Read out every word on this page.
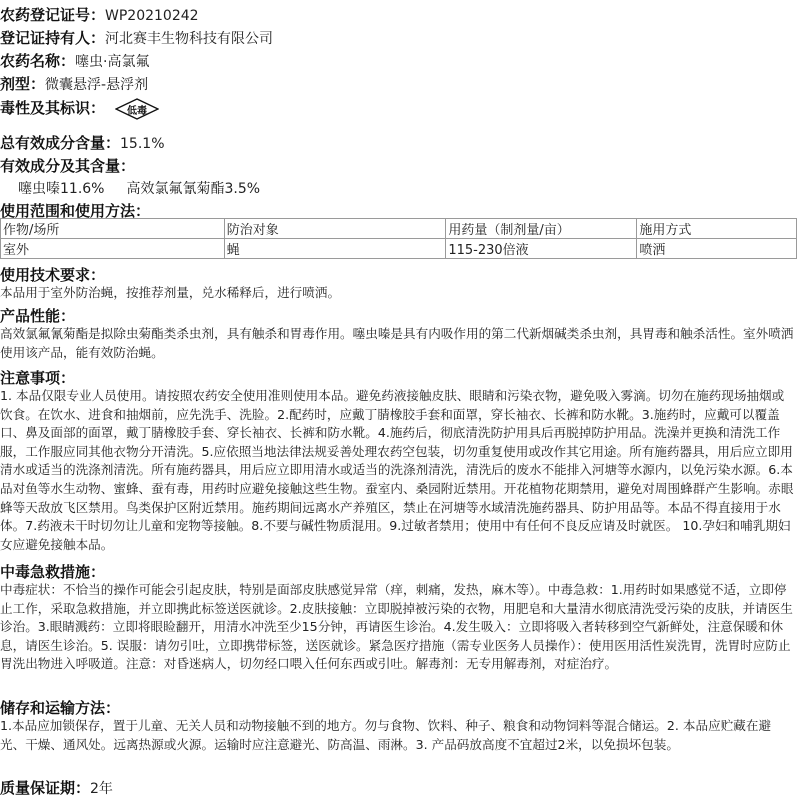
农药登记证号：WP20210242
登记证持有人：河北赛丰生物科技有限公司
农药名称：噻虫·高氯氟
剂型：微囊悬浮-悬浮剂
毒性及其标识：	低毒
总有效成分含量：15.1%
有效成分及其含量：
噻虫嗪11.6% 高效氯氟氰菊酯3.5%
使用范围和使用方法：
作物/场所	防治对象	用药量（制剂量/亩）	施用方式
室外	蝇	115-230倍液	喷洒
使用技术要求：
本品用于室外防治蝇，按推荐剂量，兑水稀释后，进行喷洒。
产品性能：
高效氯氟氰菊酯是拟除虫菊酯类杀虫剂，具有触杀和胃毒作用。噻虫嗪是具有内吸作用的第二代新烟碱类杀虫剂，具胃毒和触杀活性。室外喷洒使用该产品，能有效防治蝇。
注意事项：
1. 本品仅限专业人员使用。请按照农药安全使用准则使用本品。避免药液接触皮肤、眼睛和污染衣物，避免吸入雾滴。切勿在施药现场抽烟或饮食。在饮水、进食和抽烟前，应先洗手、洗脸。2.配药时，应戴丁腈橡胶手套和面罩，穿长袖衣、长裤和防水靴。3.施药时，应戴可以覆盖口、鼻及面部的面罩，戴丁腈橡胶手套、穿长袖衣、长裤和防水靴。4.施药后，彻底清洗防护用具后再脱掉防护用品。洗澡并更换和清洗工作服，工作服应同其他衣物分开清洗。5.应依照当地法律法规妥善处理农药空包装，切勿重复使用或改作其它用途。所有施药器具，用后应立即用清水或适当的洗涤剂清洗。所有施药器具，用后应立即用清水或适当的洗涤剂清洗，清洗后的废水不能排入河塘等水源内，以免污染水源。6.本品对鱼等水生动物、蜜蜂、蚕有毒，用药时应避免接触这些生物。蚕室内、桑园附近禁用。开花植物花期禁用，避免对周围蜂群产生影响。赤眼蜂等天敌放飞区禁用。鸟类保护区附近禁用。施药期间远离水产养殖区，禁止在河塘等水域清洗施药器具、防护用品等。本品不得直接用于水体。7.药液未干时切勿让儿童和宠物等接触。8.不要与碱性物质混用。9.过敏者禁用；使用中有任何不良反应请及时就医。 10.孕妇和哺乳期妇女应避免接触本品。
中毒急救措施：
中毒症状：不恰当的操作可能会引起皮肤，特别是面部皮肤感觉异常（痒，刺痛，发热，麻木等）。中毒急救：1.用药时如果感觉不适，立即停止工作，采取急救措施，并立即携此标签送医就诊。2.皮肤接触：立即脱掉被污染的衣物，用肥皂和大量清水彻底清洗受污染的皮肤，并请医生诊治。3.眼睛溅药：立即将眼睑翻开，用清水冲洗至少15分钟，再请医生诊治。4.发生吸入：立即将吸入者转移到空气新鲜处，注意保暖和休息，请医生诊治。5. 误服：请勿引吐，立即携带标签，送医就诊。紧急医疗措施（需专业医务人员操作）：使用医用活性炭洗胃，洗胃时应防止胃洗出物进入呼吸道。注意：对昏迷病人，切勿经口喂入任何东西或引吐。解毒剂：无专用解毒剂，对症治疗。
储存和运输方法：
1.本品应加锁保存，置于儿童、无关人员和动物接触不到的地方。勿与食物、饮料、种子、粮食和动物饲料等混合储运。2. 本品应贮藏在避光、干燥、通风处。远离热源或火源。运输时应注意避光、防高温、雨淋。3. 产品码放高度不宜超过2米，以免损坏包装。
质量保证期：2年
